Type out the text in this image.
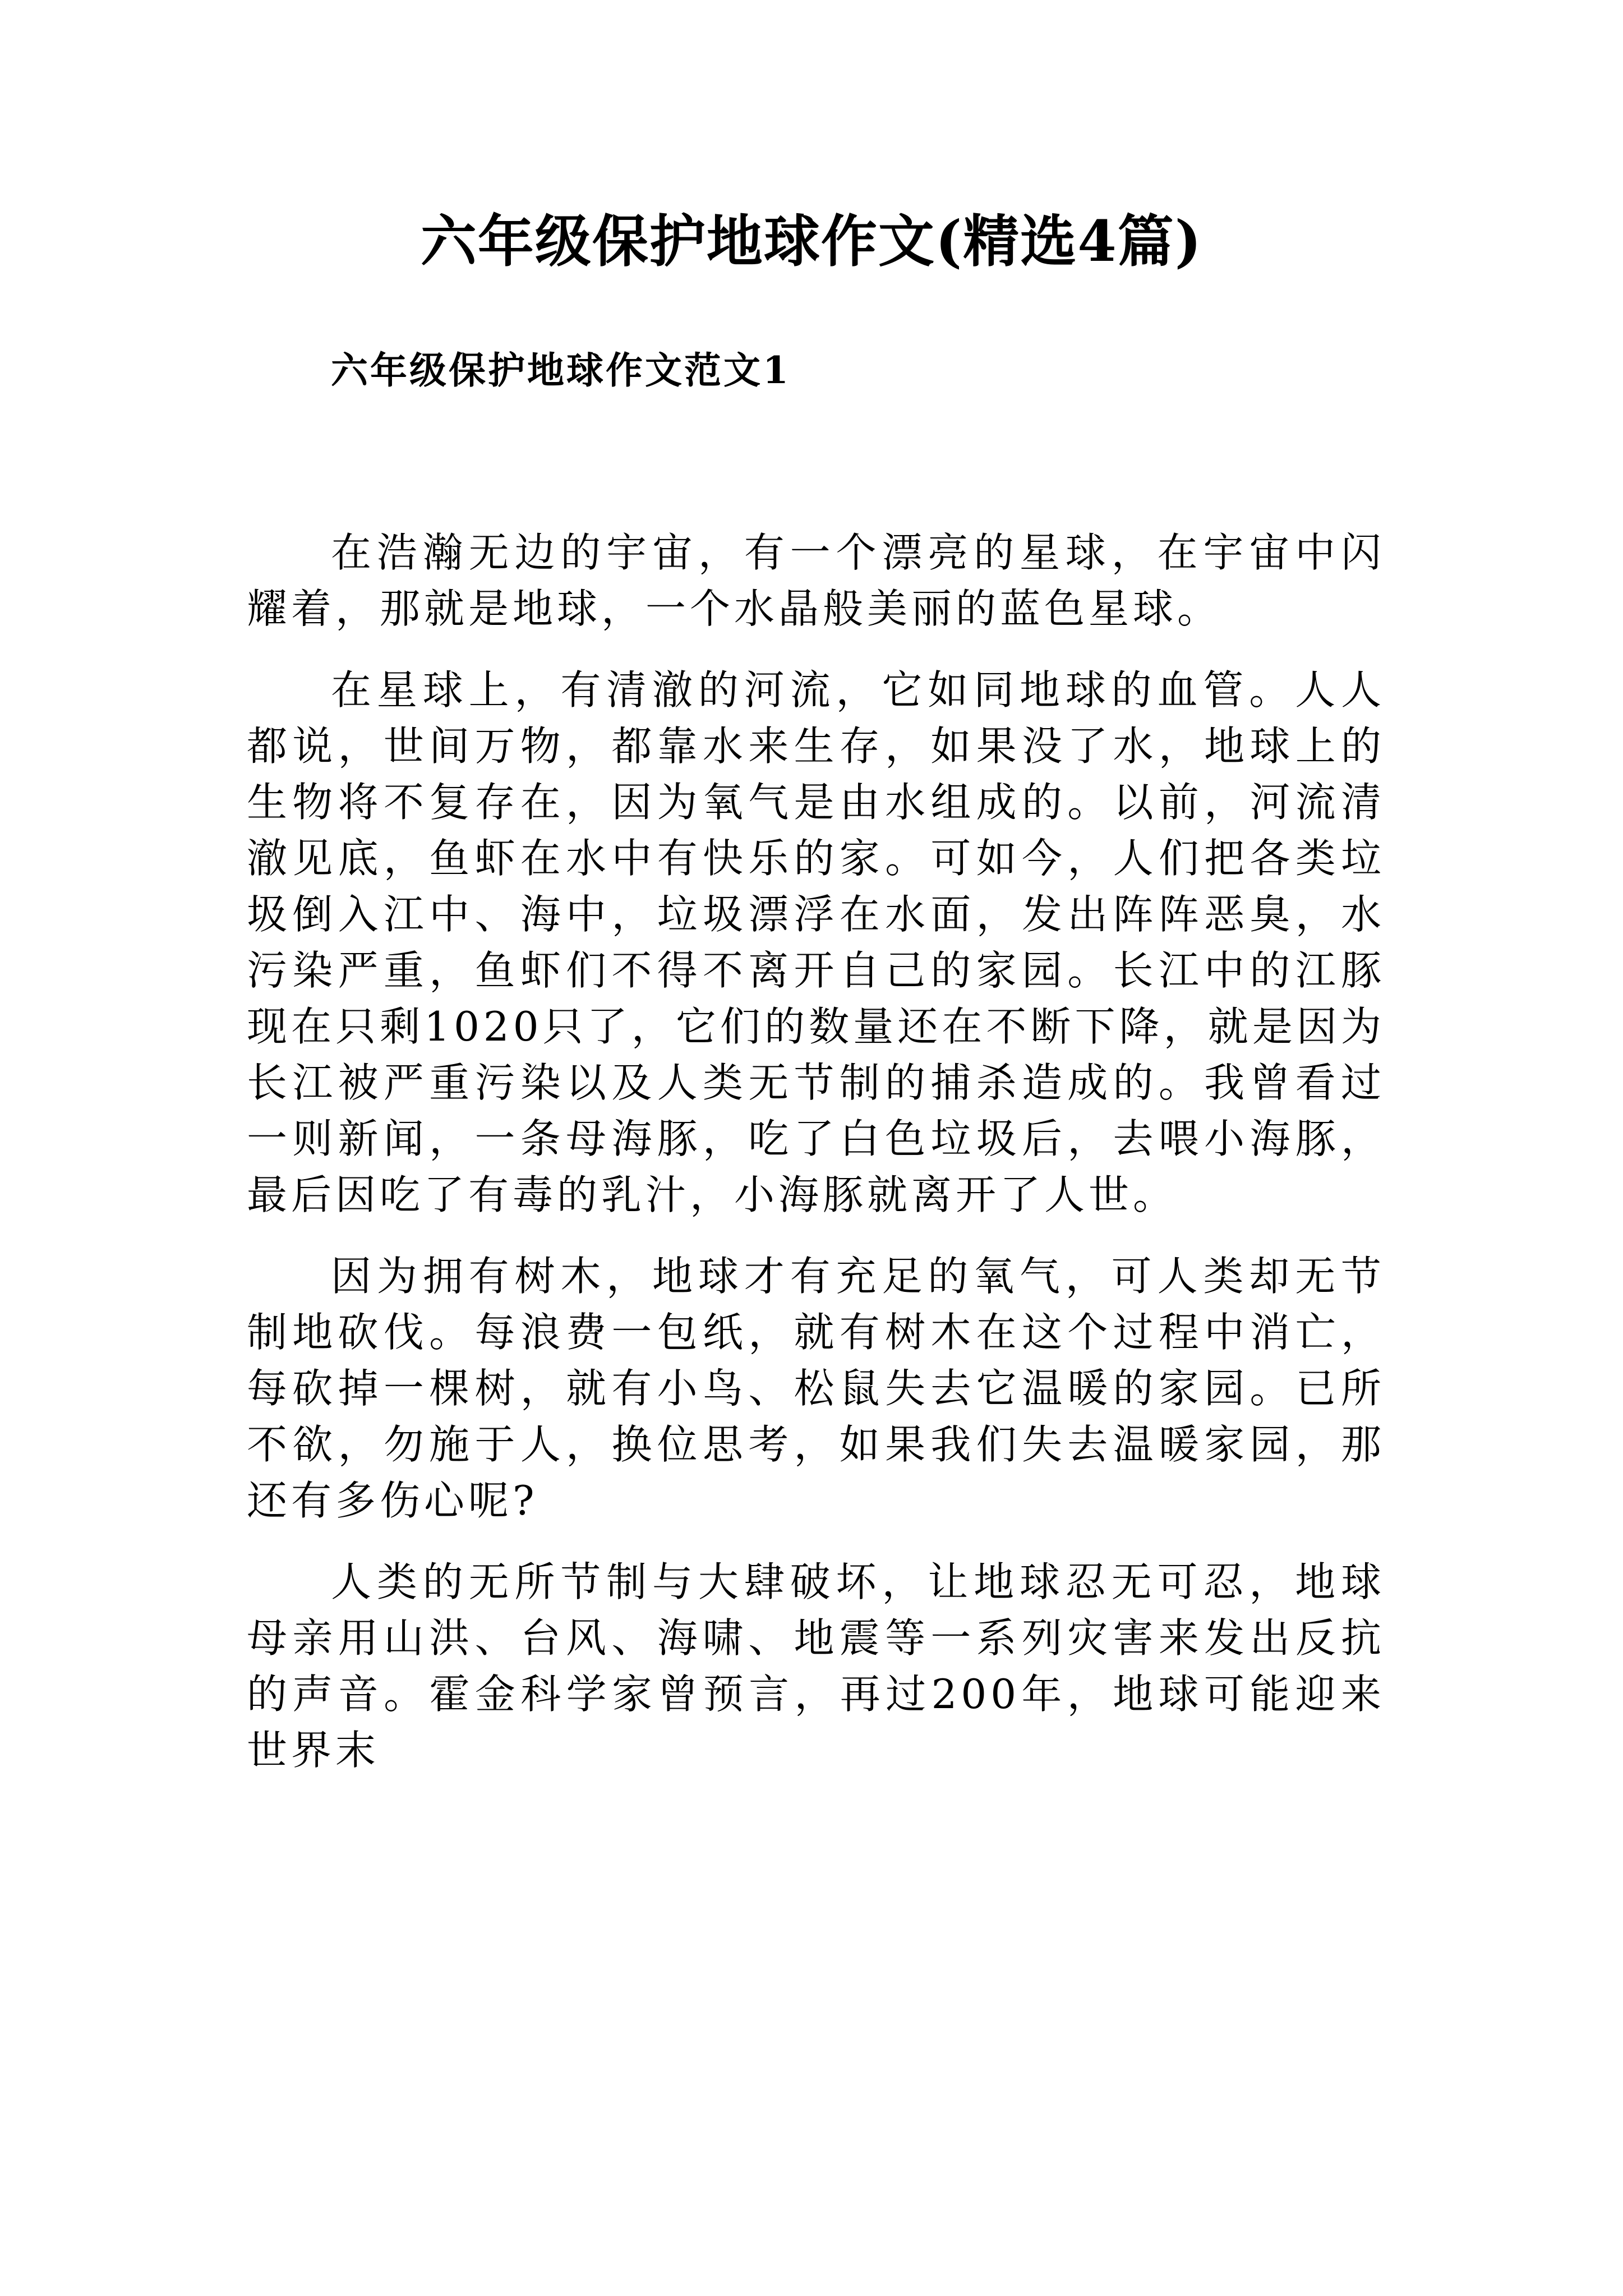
六年级保护地球作文(精选4篇)
六年级保护地球作文范文1

在浩瀚无边的宇宙，有一个漂亮的星球，在宇宙中闪耀着，那就是地球，一个水晶般美丽的蓝色星球。

在星球上，有清澈的河流，它如同地球的血管。人人都说，世间万物，都靠水来生存，如果没了水，地球上的生物将不复存在，因为氧气是由水组成的。以前，河流清澈见底，鱼虾在水中有快乐的家。可如今，人们把各类垃圾倒入江中、海中，垃圾漂浮在水面，发出阵阵恶臭，水污染严重，鱼虾们不得不离开自己的家园。长江中的江豚现在只剩1020只了，它们的数量还在不断下降，就是因为长江被严重污染以及人类无节制的捕杀造成的。我曾看过一则新闻，一条母海豚，吃了白色垃圾后，去喂小海豚，最后因吃了有毒的乳汁，小海豚就离开了人世。

因为拥有树木，地球才有充足的氧气，可人类却无节制地砍伐。每浪费一包纸，就有树木在这个过程中消亡，每砍掉一棵树，就有小鸟、松鼠失去它温暖的家园。已所不欲，勿施于人，换位思考，如果我们失去温暖家园，那还有多伤心呢?

人类的无所节制与大肆破坏，让地球忍无可忍，地球母亲用山洪、台风、海啸、地震等一系列灾害来发出反抗的声音。霍金科学家曾预言，再过200年，地球可能迎来世界末
